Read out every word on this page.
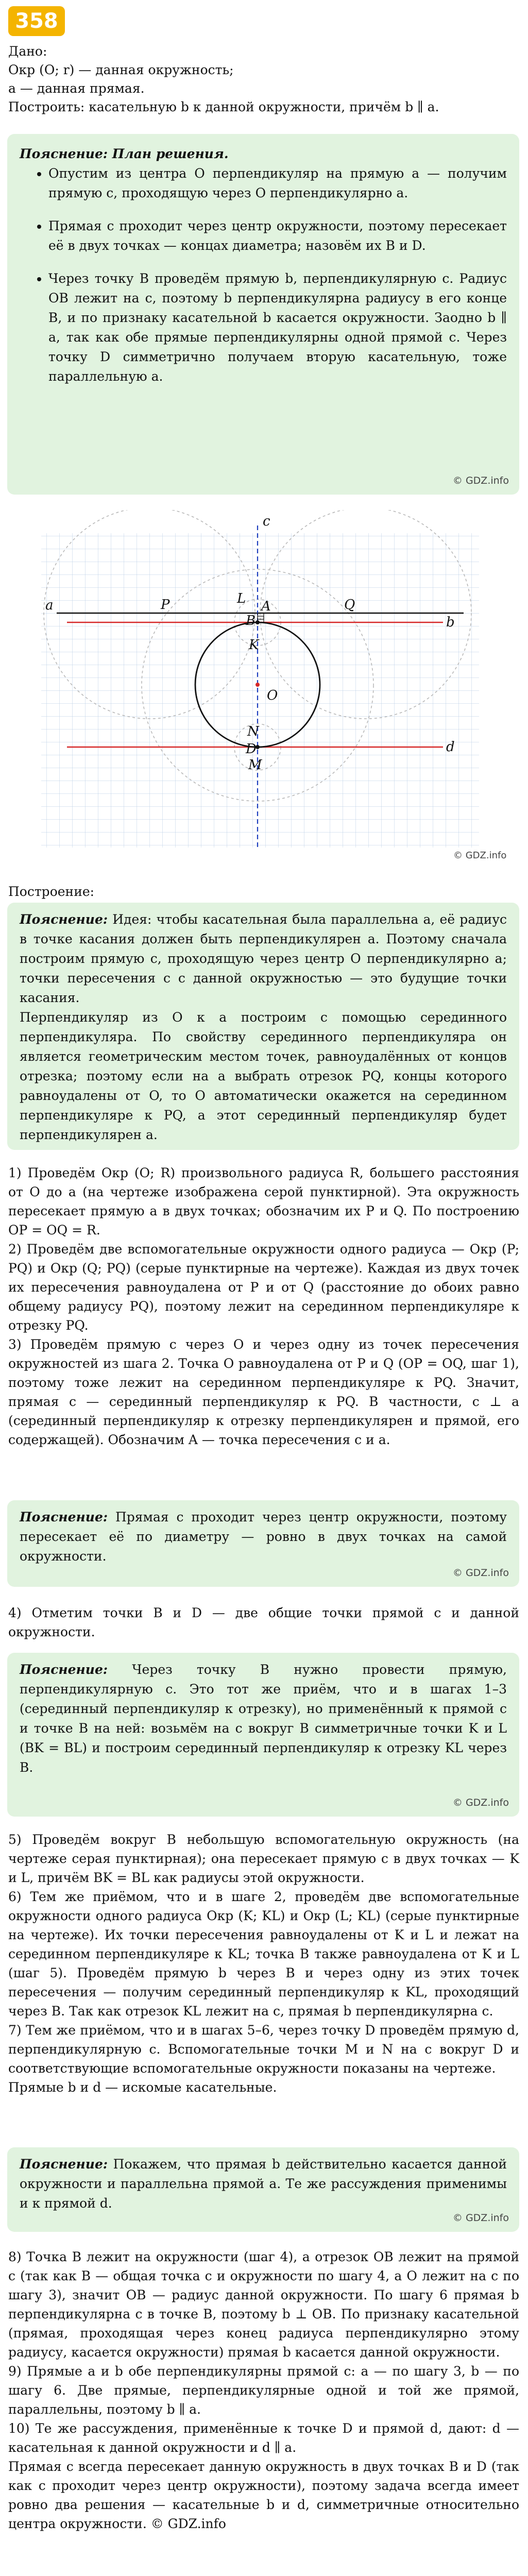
358

Дано:

Окр (O; r) — данная окружность;

a — данная прямая.

Построить: касательную b к данной окружности, причём b ∥ a.

Пояснение: План решения.

• Опустим из центра O перпендикуляр на прямую a — получим прямую c, проходящую через O перпендикулярно a.
• Прямая c проходит через центр окружности, поэтому пересекает её в двух точках — концах диаметра; назовём их B и D.
• Через точку B проведём прямую b, перпендикулярную c. Радиус OB лежит на c, поэтому b перпендикулярна радиусу в его конце B, и по признаку касательной b касается окружности. Заодно b ∥ a, так как обе прямые перпендикулярны одной прямой c. Через точку D симметрично получаем вторую касательную, тоже параллельную a.
© GDZ.info
a	P	Q
A
L
B
K
O
N
D
M
c
b
d
© GDZ.info

Построение:

Пояснение: Идея: чтобы касательная была параллельна a, её радиус в точке касания должен быть перпендикулярен a. Поэтому сначала построим прямую c, проходящую через центр O перпендикулярно a; точки пересечения c с данной окружностью — это будущие точки касания.

Перпендикуляр из O к a построим с помощью серединного перпендикуляра. По свойству серединного перпендикуляра он является геометрическим местом точек, равноудалённых от концов отрезка; поэтому если на a выбрать отрезок PQ, концы которого равноудалены от O, то O автоматически окажется на серединном перпендикуляре к PQ, а этот серединный перпендикуляр будет перпендикулярен a.

1) Проведём Окр (O; R) произвольного радиуса R, большего расстояния от O до a (на чертеже изображена серой пунктирной). Эта окружность пересекает прямую a в двух точках; обозначим их P и Q. По построению OP = OQ = R.

2) Проведём две вспомогательные окружности одного радиуса — Окр (P; PQ) и Окр (Q; PQ) (серые пунктирные на чертеже). Каждая из двух точек их пересечения равноудалена от P и от Q (расстояние до обоих равно общему радиусу PQ), поэтому лежит на серединном перпендикуляре к отрезку PQ.

3) Проведём прямую c через O и через одну из точек пересечения окружностей из шага 2. Точка O равноудалена от P и Q (OP = OQ, шаг 1), поэтому тоже лежит на серединном перпендикуляре к PQ. Значит, прямая c — серединный перпендикуляр к PQ. В частности, c ⊥ a (серединный перпендикуляр к отрезку перпендикулярен и прямой, его содержащей). Обозначим A — точка пересечения c и a.

Пояснение: Прямая c проходит через центр окружности, поэтому пересекает её по диаметру — ровно в двух точках на самой окружности.

© GDZ.info

4) Отметим точки B и D — две общие точки прямой c и данной окружности.

Пояснение: Через точку B нужно провести прямую, перпендикулярную c. Это тот же приём, что и в шагах 1–3 (серединный перпендикуляр к отрезку), но применённый к прямой c и точке B на ней: возьмём на c вокруг B симметричные точки K и L (BK = BL) и построим серединный перпендикуляр к отрезку KL через B.

© GDZ.info

5) Проведём вокруг B небольшую вспомогательную окружность (на чертеже серая пунктирная); она пересекает прямую c в двух точках — K и L, причём BK = BL как радиусы этой окружности.

6) Тем же приёмом, что и в шаге 2, проведём две вспомогательные окружности одного радиуса Окр (K; KL) и Окр (L; KL) (серые пунктирные на чертеже). Их точки пересечения равноудалены от K и L и лежат на серединном перпендикуляре к KL; точка B также равноудалена от K и L (шаг 5). Проведём прямую b через B и через одну из этих точек пересечения — получим серединный перпендикуляр к KL, проходящий через B. Так как отрезок KL лежит на c, прямая b перпендикулярна c.

7) Тем же приёмом, что и в шагах 5–6, через точку D проведём прямую d, перпендикулярную c. Вспомогательные точки M и N на c вокруг D и соответствующие вспомогательные окружности показаны на чертеже.

Прямые b и d — искомые касательные.

Пояснение: Покажем, что прямая b действительно касается данной окружности и параллельна прямой a. Те же рассуждения применимы и к прямой d.

© GDZ.info

8) Точка B лежит на окружности (шаг 4), а отрезок OB лежит на прямой c (так как B — общая точка c и окружности по шагу 4, а O лежит на c по шагу 3), значит OB — радиус данной окружности. По шагу 6 прямая b перпендикулярна c в точке B, поэтому b ⊥ OB. По признаку касательной (прямая, проходящая через конец радиуса перпендикулярно этому радиусу, касается окружности) прямая b касается данной окружности.

9) Прямые a и b обе перпендикулярны прямой c: a — по шагу 3, b — по шагу 6. Две прямые, перпендикулярные одной и той же прямой, параллельны, поэтому b ∥ a.

10) Те же рассуждения, применённые к точке D и прямой d, дают: d — касательная к данной окружности и d ∥ a.

Прямая c всегда пересекает данную окружность в двух точках B и D (так как c проходит через центр окружности), поэтому задача всегда имеет ровно два решения — касательные b и d, симметричные относительно центра окружности. © GDZ.info
